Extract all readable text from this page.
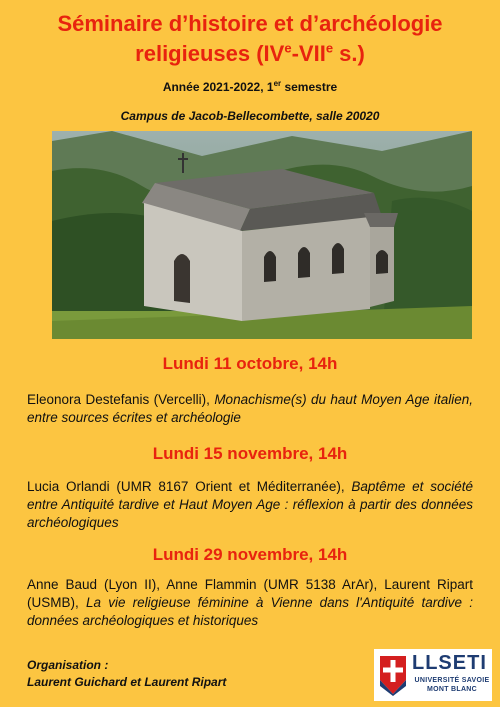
Séminaire d’histoire et d’archéologie
religieuses (IVe-VIIe s.)
Année 2021-2022, 1er semestre
Campus de Jacob-Bellecombette, salle 20020
Lundi 11 octobre, 14h
Eleonora Destefanis (Vercelli), Monachisme(s) du haut Moyen Age italien, entre sources écrites et archéologie
Lundi 15 novembre, 14h
Lucia Orlandi (UMR 8167 Orient et Méditerranée), Baptême et société entre Antiquité tardive et Haut Moyen Age : réflexion à partir des données archéologiques
Lundi 29 novembre, 14h
Anne Baud (Lyon II), Anne Flammin (UMR 5138 ArAr), Laurent Ripart (USMB), La vie religieuse féminine à Vienne dans l'Antiquité tardive : données archéologiques et historiques
Organisation :
Laurent Guichard et Laurent Ripart
LLSETI
UNIVERSITÉ SAVOIE
MONT BLANC
